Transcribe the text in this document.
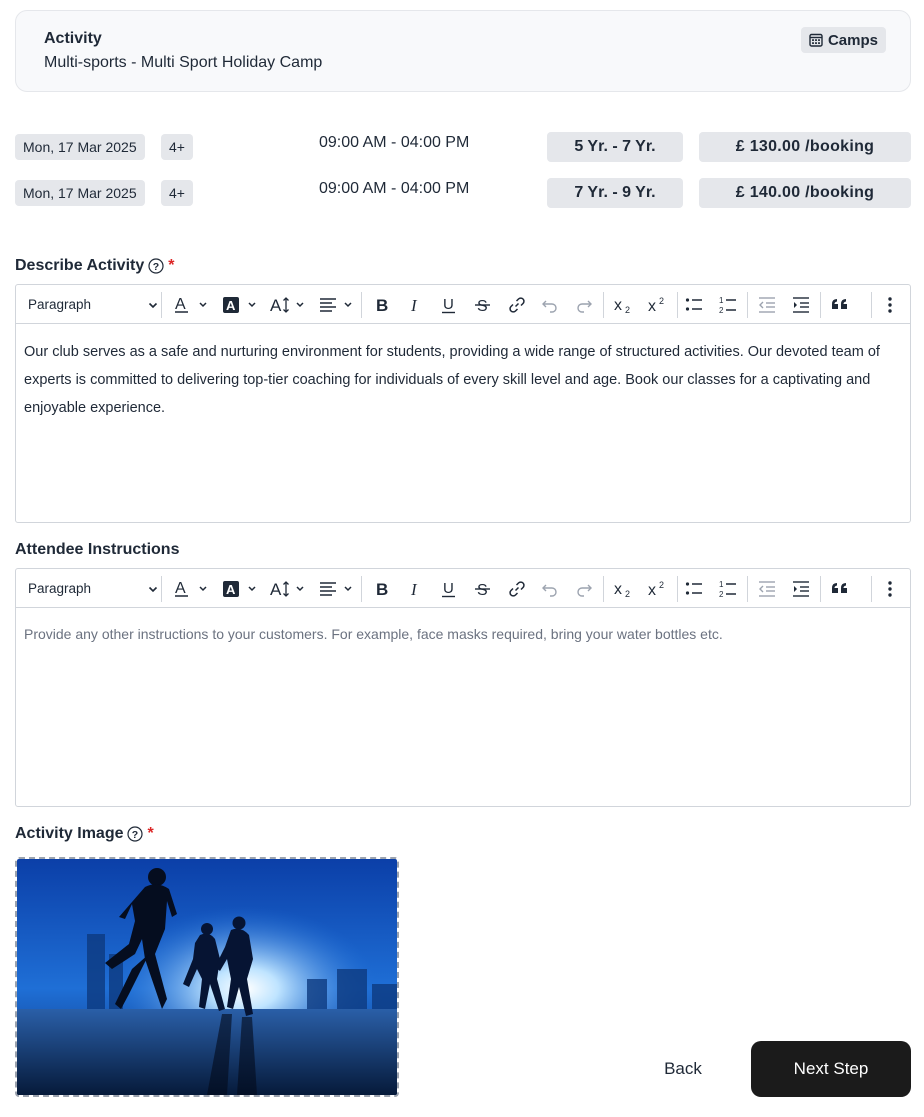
Activity
Multi-sports - Multi Sport Holiday Camp
Camps
Mon, 17 Mar 2025	4+	09:00 AM - 04:00 PM	5 Yr. - 7 Yr.	£ 130.00 /booking
Mon, 17 Mar 2025	4+	09:00 AM - 04:00 PM	7 Yr. - 9 Yr.	£ 140.00 /booking
Describe Activity ? *
Paragraph	A	A A	B I U S	x 2 x 2	1
2
Our club serves as a safe and nurturing environment for students, providing a wide range of structured activities. Our devoted team of experts is committed to delivering top-tier coaching for individuals of every skill level and age. Book our classes for a captivating and enjoyable experience.
Attendee Instructions
Paragraph	A	A A	B I U S	x 2 x 2	1
2
Provide any other instructions to your customers. For example, face masks required, bring your water bottles etc.
Activity Image ? *
Back	Next Step
